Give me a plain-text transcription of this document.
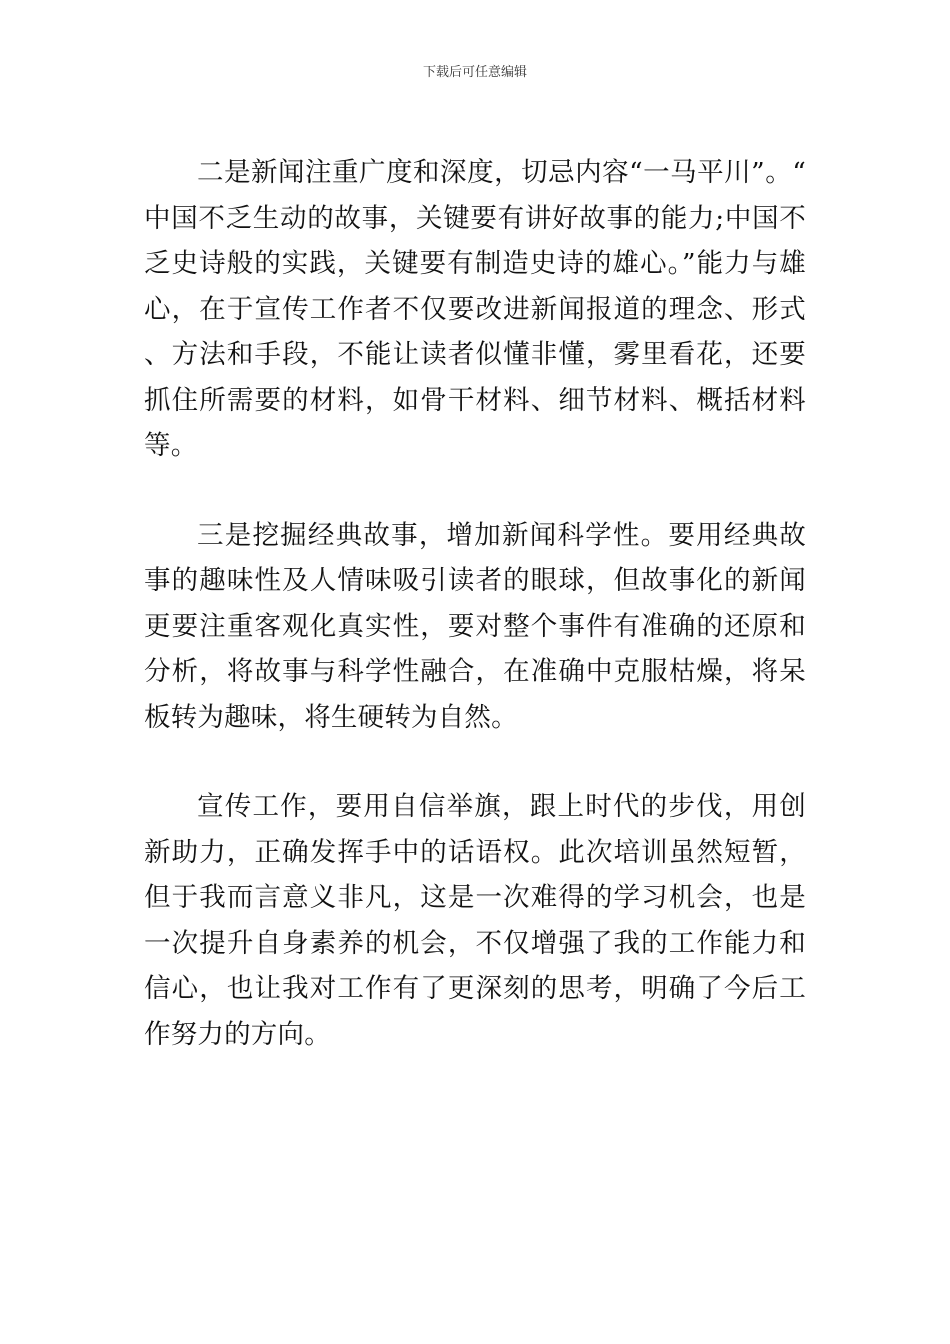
下载后可任意编辑

二是新闻注重广度和深度，切忌内容“一马平川”。“中国不乏生动的故事，关键要有讲好故事的能力;中国不乏史诗般的实践，关键要有制造史诗的雄心。”能力与雄心，在于宣传工作者不仅要改进新闻报道的理念、形式、方法和手段，不能让读者似懂非懂，雾里看花，还要抓住所需要的材料，如骨干材料、细节材料、概括材料等。

三是挖掘经典故事，增加新闻科学性。要用经典故事的趣味性及人情味吸引读者的眼球，但故事化的新闻更要注重客观化真实性，要对整个事件有准确的还原和分析，将故事与科学性融合，在准确中克服枯燥，将呆板转为趣味，将生硬转为自然。

宣传工作，要用自信举旗，跟上时代的步伐，用创新助力，正确发挥手中的话语权。此次培训虽然短暂，但于我而言意义非凡，这是一次难得的学习机会，也是一次提升自身素养的机会，不仅增强了我的工作能力和信心，也让我对工作有了更深刻的思考，明确了今后工作努力的方向。
